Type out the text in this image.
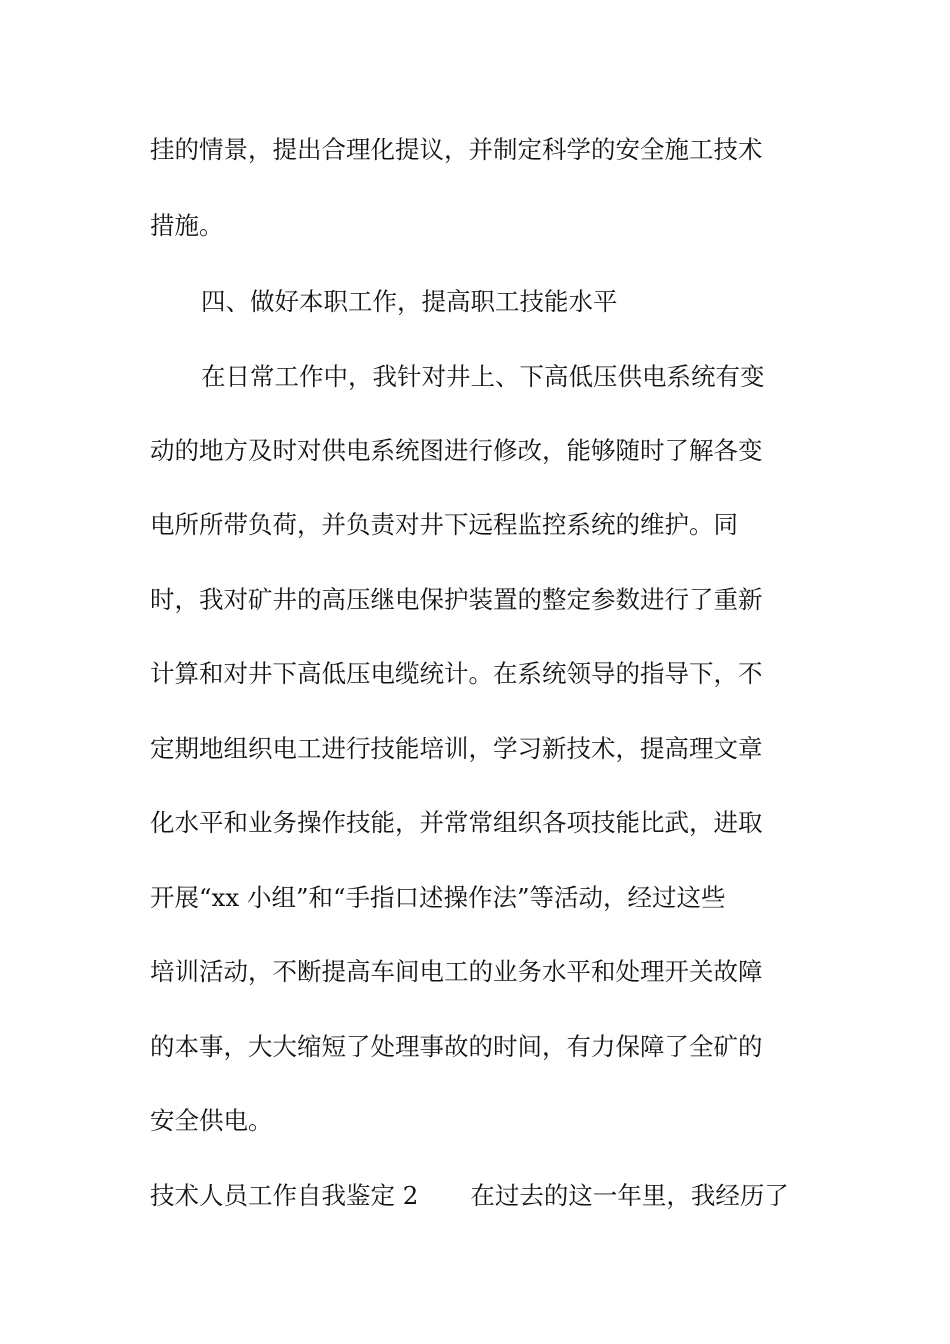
挂的情景，提出合理化提议，并制定科学的安全施工技术
措施。
四、做好本职工作，提高职工技能水平
在日常工作中，我针对井上、下高低压供电系统有变
动的地方及时对供电系统图进行修改，能够随时了解各变
电所所带负荷，并负责对井下远程监控系统的维护。同
时，我对矿井的高压继电保护装置的整定参数进行了重新
计算和对井下高低压电缆统计。在系统领导的指导下，不
定期地组织电工进行技能培训，学习新技术，提高理文章
化水平和业务操作技能，并常常组织各项技能比武，进取
开展“xx 小组”和“手指口述操作法”等活动，经过这些
培训活动，不断提高车间电工的业务水平和处理开关故障
的本事，大大缩短了处理事故的时间，有力保障了全矿的
安全供电。
技术人员工作自我鉴定 2 在过去的这一年里，我经历了
